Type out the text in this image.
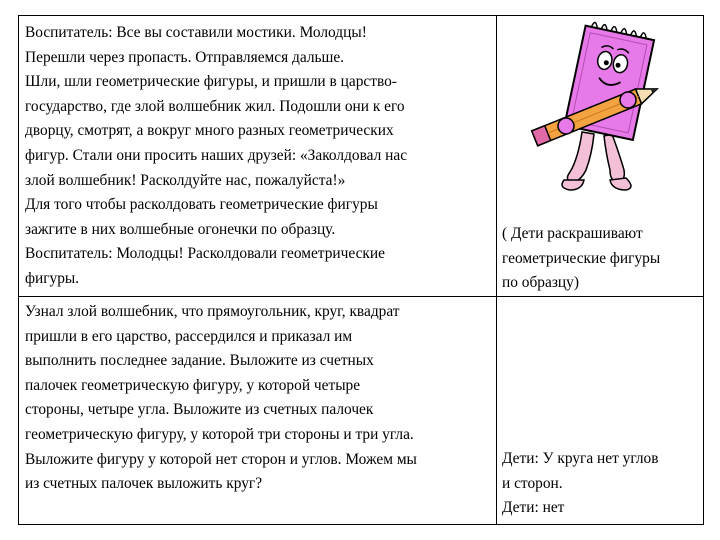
Воспитатель: Все вы составили мостики. Молодцы!
Перешли через пропасть. Отправляемся дальше.
Шли, шли геометрические фигуры, и пришли в царство-
государство, где злой волшебник жил. Подошли они к его
дворцу, смотрят, а вокруг много разных геометрических
фигур. Стали они просить наших друзей: «Заколдовал нас
злой волшебник! Расколдуйте нас, пожалуйста!»
Для того чтобы расколдовать геометрические фигуры
зажгите в них волшебные огонечки по образцу.
Воспитатель: Молодцы! Расколдовали геометрические
фигуры.
( Дети раскрашивают
геометрические фигуры
по образцу)
Узнал злой волшебник, что прямоугольник, круг, квадрат
пришли в его царство, рассердился и приказал им
выполнить последнее задание. Выложите из счетных
палочек геометрическую фигуру, у которой четыре
стороны, четыре угла. Выложите из счетных палочек
геометрическую фигуру, у которой три стороны и три угла.
Выложите фигуру у которой нет сторон и углов. Можем мы
из счетных палочек выложить круг?
Дети: У круга нет углов
и сторон.
Дети: нет
